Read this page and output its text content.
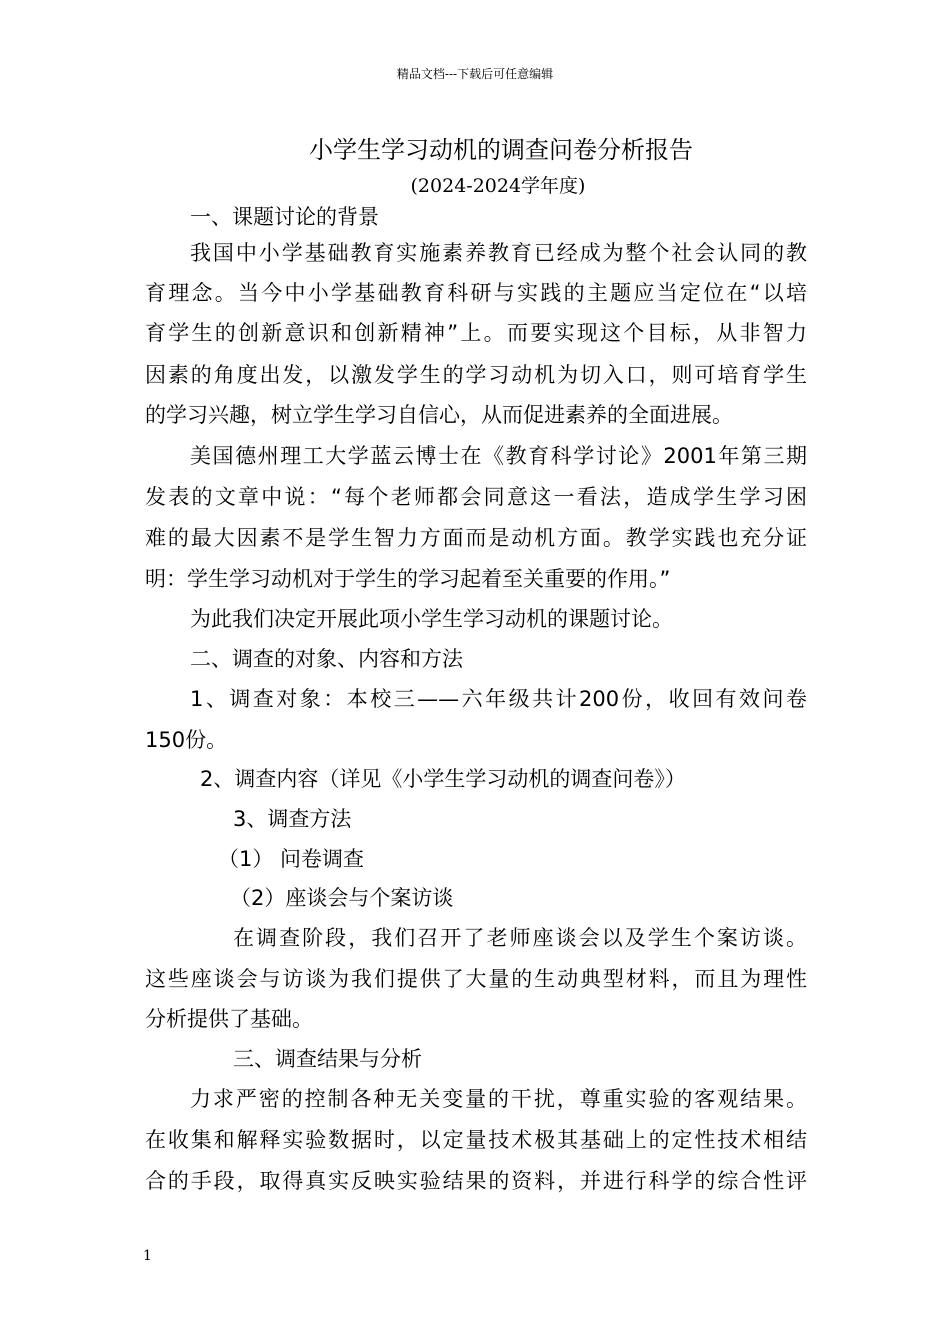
精品文档---下载后可任意编辑
小学生学习动机的调查问卷分析报告
(2024-2024学年度)
一、课题讨论的背景
我国中小学基础教育实施素养教育已经成为整个社会认同的教
育理念。当今中小学基础教育科研与实践的主题应当定位在“以培
育学生的创新意识和创新精神”上。而要实现这个目标，从非智力
因素的角度出发，以激发学生的学习动机为切入口，则可培育学生
的学习兴趣，树立学生学习自信心，从而促进素养的全面进展。
美国德州理工大学蓝云博士在《教育科学讨论》2001年第三期
发表的文章中说：“每个老师都会同意这一看法，造成学生学习困
难的最大因素不是学生智力方面而是动机方面。教学实践也充分证
明：学生学习动机对于学生的学习起着至关重要的作用。”
为此我们决定开展此项小学生学习动机的课题讨论。
二、调查的对象、内容和方法
1、调查对象：本校三——六年级共计200份，收回有效问卷
150份。
2、调查内容（详见《小学生学习动机的调查问卷》）
3、调查方法
（1） 问卷调查
（2）座谈会与个案访谈
在调查阶段，我们召开了老师座谈会以及学生个案访谈。
这些座谈会与访谈为我们提供了大量的生动典型材料，而且为理性
分析提供了基础。
三、调查结果与分析
力求严密的控制各种无关变量的干扰，尊重实验的客观结果。
在收集和解释实验数据时，以定量技术极其基础上的定性技术相结
合的手段，取得真实反映实验结果的资料，并进行科学的综合性评
1
